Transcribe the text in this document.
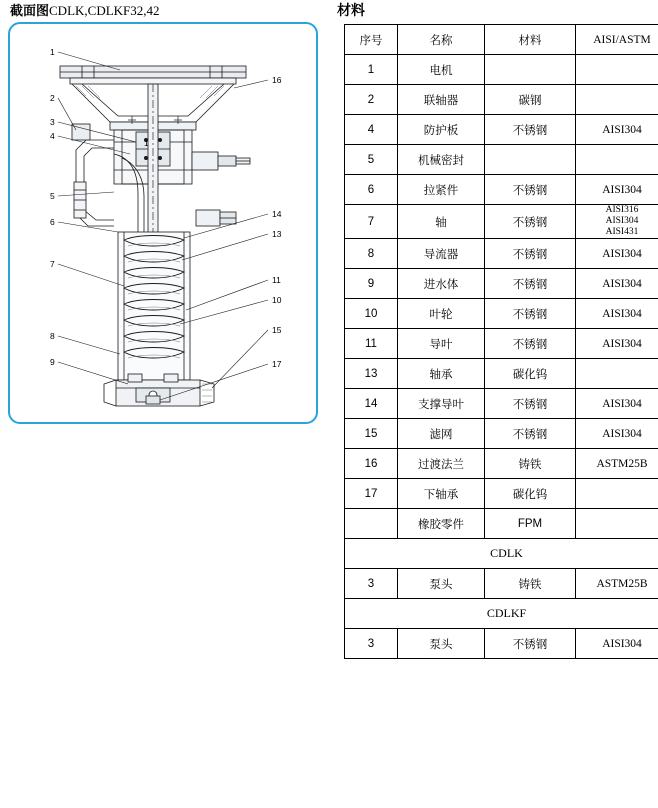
截面图CDLK,CDLKF32,42
1
2
3
4
5
6
7
8
9
16
14
13
11
10
15
17
1
材料
序号	名称	材料	AISI/ASTM
1	电机		
2	联轴器	碳钢	
4	防护板	不锈钢	AISI304
5	机械密封		
6	拉紧件	不锈钢	AISI304
7	轴	不锈钢	AISI316
AISI304
AISI431

8	导流器	不锈钢	AISI304
9	进水体	不锈钢	AISI304
10	叶轮	不锈钢	AISI304
11	导叶	不锈钢	AISI304
13	轴承	碳化钨	
14	支撑导叶	不锈钢	AISI304
15	滤网	不锈钢	AISI304
16	过渡法兰	铸铁	ASTM25B
17	下轴承	碳化钨	
	橡胶零件	FPM	
CDLK			
3	泵头	铸铁	ASTM25B
CDLKF			
3	泵头	不锈钢	AISI304
